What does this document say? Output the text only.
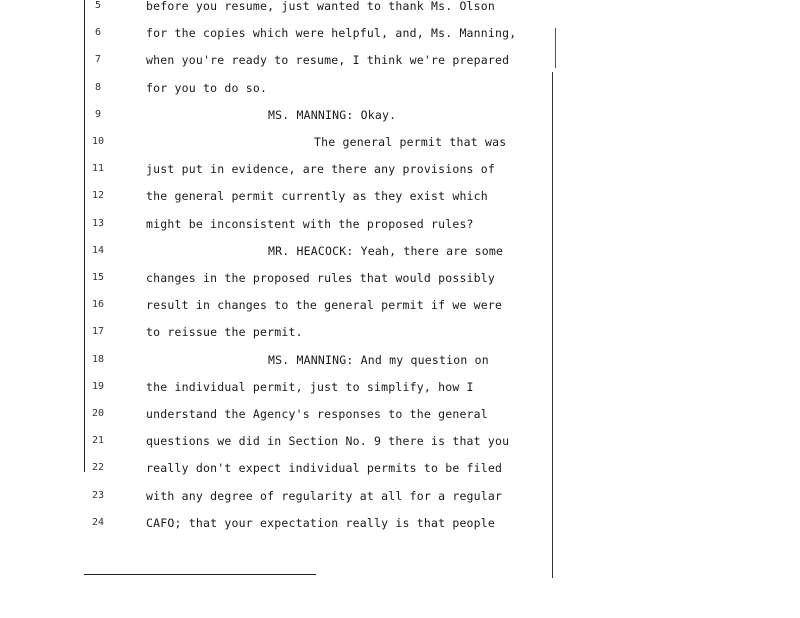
5	before you resume, just wanted to thank Ms. Olson
6	for the copies which were helpful, and, Ms. Manning,
7	when you're ready to resume, I think we're prepared
8	for you to do so.
9	MS. MANNING: Okay.
10	The general permit that was
11	just put in evidence, are there any provisions of
12	the general permit currently as they exist which
13	might be inconsistent with the proposed rules?
14	MR. HEACOCK: Yeah, there are some
15	changes in the proposed rules that would possibly
16	result in changes to the general permit if we were
17	to reissue the permit.
18	MS. MANNING: And my question on
19	the individual permit, just to simplify, how I
20	understand the Agency's responses to the general
21	questions we did in Section No. 9 there is that you
22	really don't expect individual permits to be filed
23	with any degree of regularity at all for a regular
24	CAFO; that your expectation really is that people
